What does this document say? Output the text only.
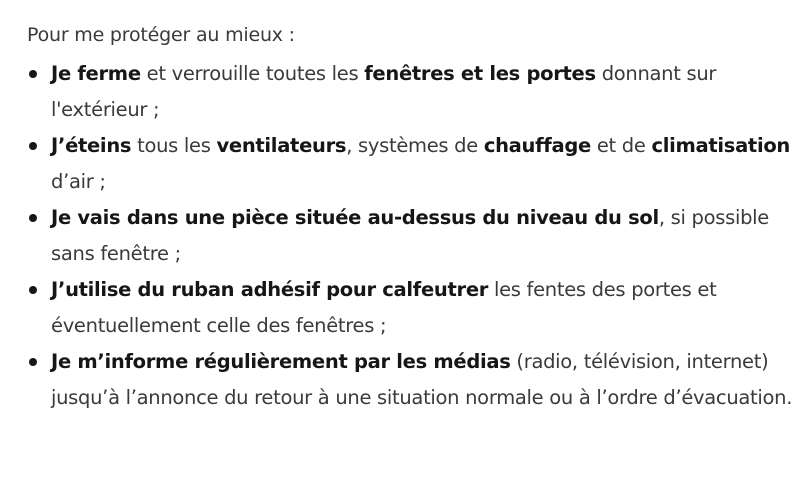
Pour me protéger au mieux :

Je ferme et verrouille toutes les fenêtres et les portes donnant sur l'extérieur ;
J’éteins tous les ventilateurs, systèmes de chauffage et de climatisation d’air ;
Je vais dans une pièce située au-dessus du niveau du sol, si possible sans fenêtre ;
J’utilise du ruban adhésif pour calfeutrer les fentes des portes et éventuellement celle des fenêtres ;
Je m’informe régulièrement par les médias (radio, télévision, internet) jusqu’à l’annonce du retour à une situation normale ou à l’ordre d’évacuation.
